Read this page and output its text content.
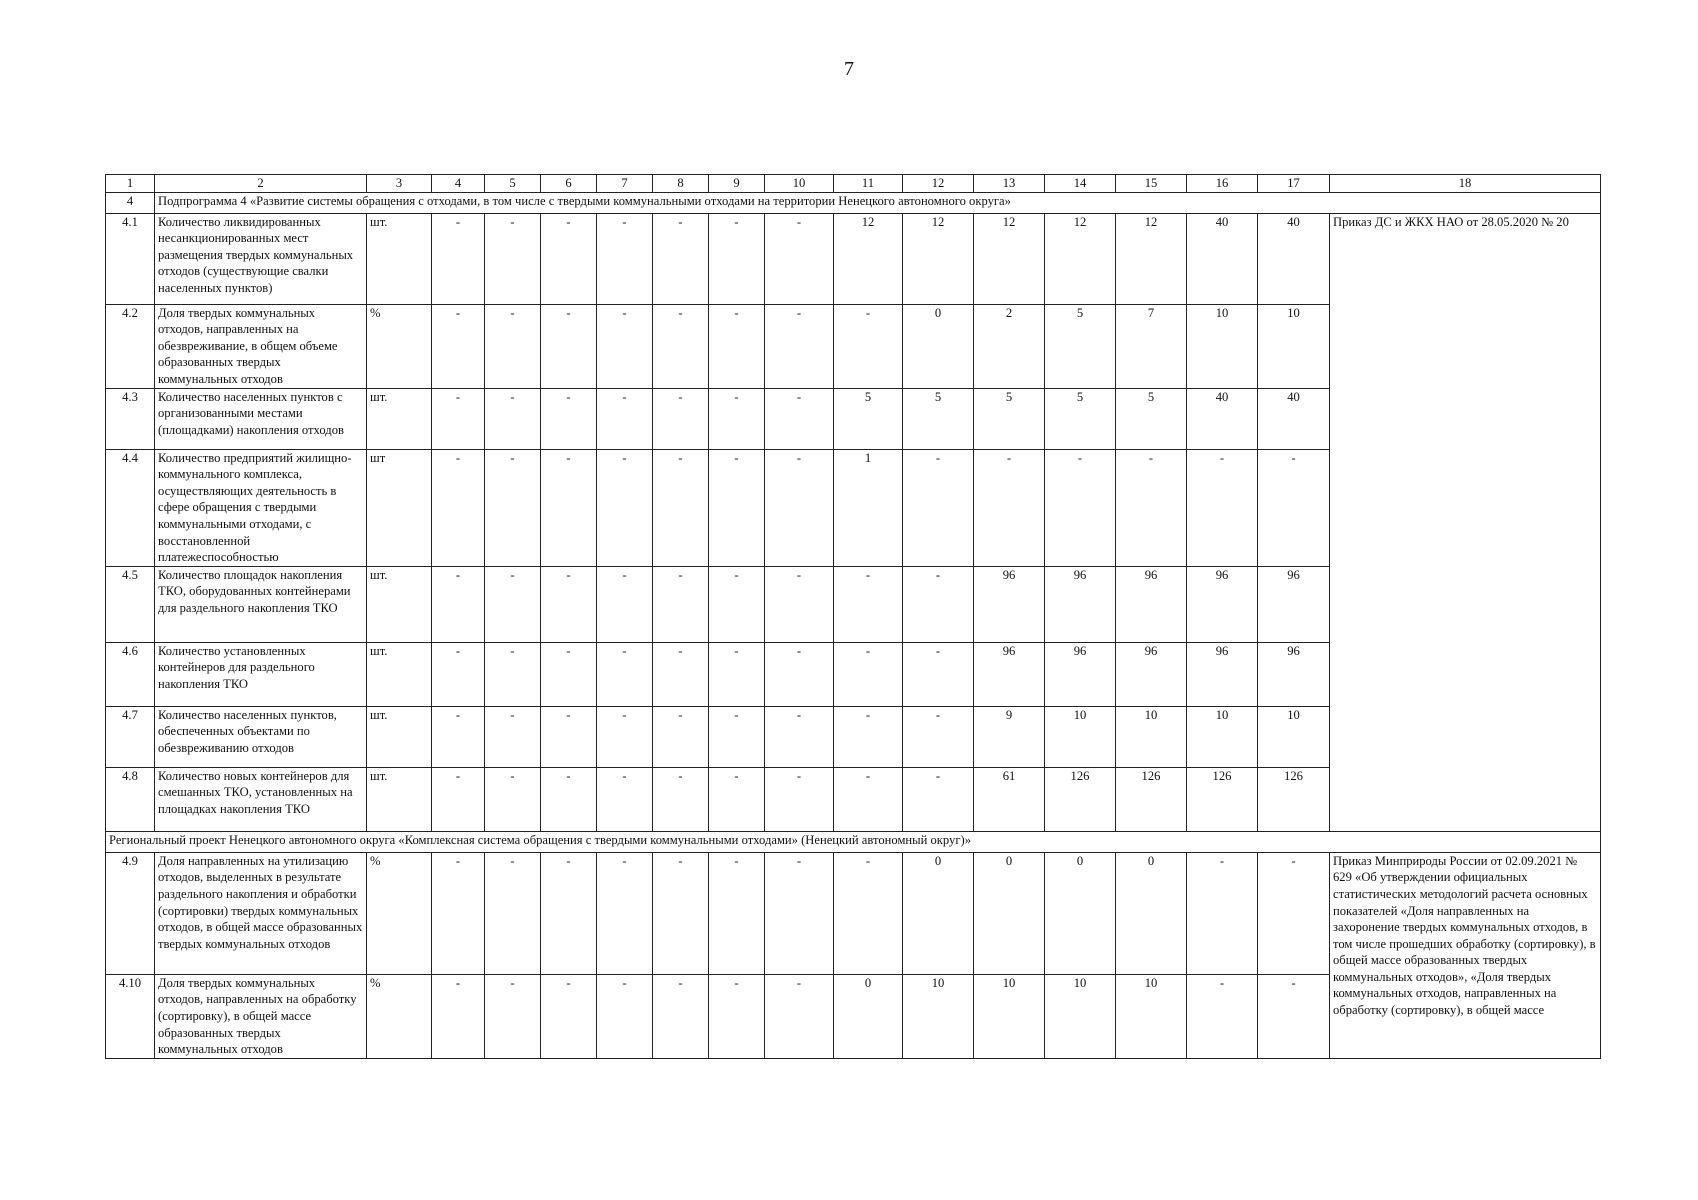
7
1	2	3	4	5	6	7	8	9	10	11	12	13	14	15	16	17	18
4	Подпрограмма 4 «Развитие системы обращения с отходами, в том числе с твердыми коммунальными отходами на территории Ненецкого автономного округа»																
4.1	Количество ликвидированных несанкционированных мест размещения твердых коммунальных отходов (существующие свалки населенных пунктов)	шт.	-	-	-	-	-	-	-	12	12	12	12	12	40	40	Приказ ДС и ЖКХ НАО от 28.05.2020 № 20
4.2	Доля твердых коммунальных отходов, направленных на обезвреживание, в общем объеме образованных твердых коммунальных отходов	%	-	-	-	-	-	-	-	-	0	2	5	7	10	10	
4.3	Количество населенных пунктов с организованными местами (площадками) накопления отходов	шт.	-	-	-	-	-	-	-	5	5	5	5	5	40	40	
4.4	Количество предприятий жилищно-коммунального комплекса, осуществляющих деятельность в сфере обращения с твердыми коммунальными отходами, с восстановленной платежеспособностью	шт	-	-	-	-	-	-	-	1	-	-	-	-	-	-	
4.5	Количество площадок накопления ТКО, оборудованных контейнерами для раздельного накопления ТКО	шт.	-	-	-	-	-	-	-	-	-	96	96	96	96	96	
4.6	Количество установленных контейнеров для раздельного накопления ТКО	шт.	-	-	-	-	-	-	-	-	-	96	96	96	96	96	
4.7	Количество населенных пунктов, обеспеченных объектами по обезвреживанию отходов	шт.	-	-	-	-	-	-	-	-	-	9	10	10	10	10	
4.8	Количество новых контейнеров для смешанных ТКО, установленных на площадках накопления ТКО	шт.	-	-	-	-	-	-	-	-	-	61	126	126	126	126	
Региональный проект Ненецкого автономного округа «Комплексная система обращения с твердыми коммунальными отходами» (Ненецкий автономный округ)»																	
4.9	Доля направленных на утилизацию отходов, выделенных в результате раздельного накопления и обработки (сортировки) твердых коммунальных отходов, в общей массе образованных твердых коммунальных отходов	%	-	-	-	-	-	-	-	-	0	0	0	0	-	-	Приказ Минприроды России от 02.09.2021 № 629 «Об утверждении официальных статистических методологий расчета основных показателей «Доля направленных на захоронение твердых коммунальных отходов, в том числе прошедших обработку (сортировку), в общей массе образованных твердых коммунальных отходов», «Доля твердых коммунальных отходов, направленных на обработку (сортировку), в общей массе
4.10	Доля твердых коммунальных отходов, направленных на обработку (сортировку), в общей массе образованных твердых коммунальных отходов	%	-	-	-	-	-	-	-	0	10	10	10	10	-	-	
